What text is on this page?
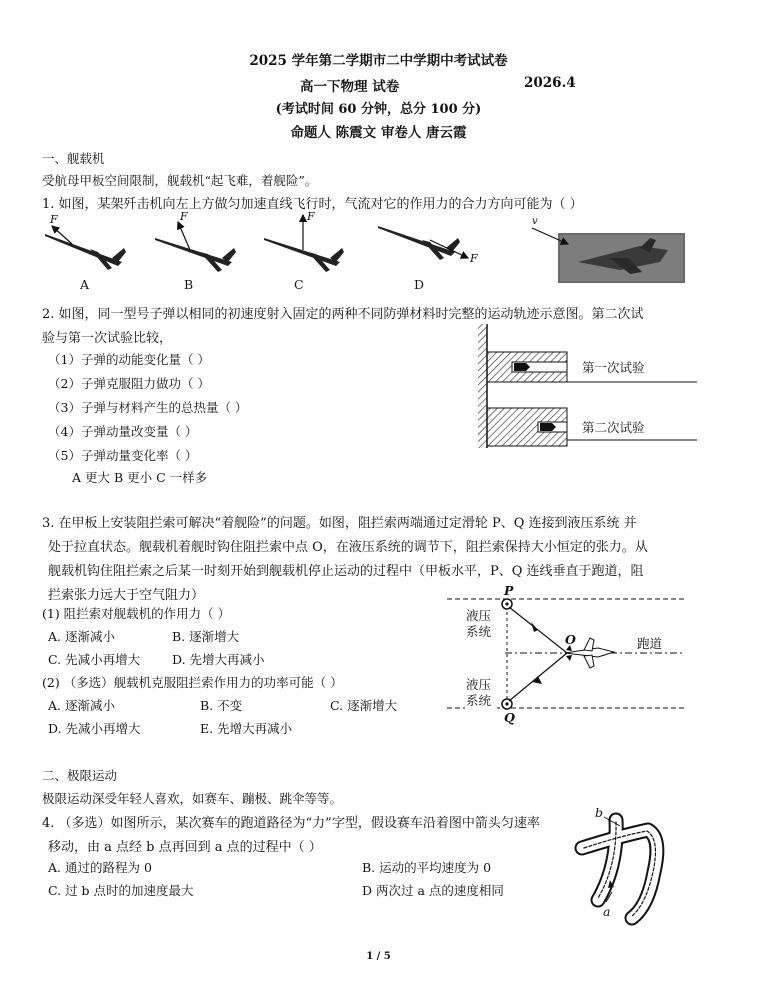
2025 学年第二学期市二中学期中考试试卷
高一下物理 试卷	2026.4
(考试时间 60 分钟，总分 100 分)
命题人 陈震文 审卷人 唐云霞
一、舰载机
受航母甲板空间限制，舰载机“起飞难，着舰险”。
1. 如图，某架歼击机向左上方做匀加速直线飞行时，气流对它的作用力的合力方向可能为（ ）
F	F	F
F
v
A	B	C	D
2. 如图，同一型号子弹以相同的初速度射入固定的两种不同防弹材料时完整的运动轨迹示意图。第二次试
验与第一次试验比较，
（1）子弹的动能变化量（ ）
（2）子弹克服阻力做功（ ）
（3）子弹与材料产生的总热量（ ）
（4）子弹动量改变量（ ）
（5）子弹动量变化率（ ）
A 更大 B 更小 C 一样多
第一次试验
第二次试验
3. 在甲板上安装阻拦索可解决“着舰险”的问题。如图，阻拦索两端通过定滑轮 P、Q 连接到液压系统 并
处于拉直状态。舰载机着舰时钩住阻拦索中点 O，在液压系统的调节下，阻拦索保持大小恒定的张力。从
舰载机钩住阻拦索之后某一时刻开始到舰载机停止运动的过程中（甲板水平，P、Q 连线垂直于跑道，阻
拦索张力远大于空气阻力）
(1) 阻拦索对舰载机的作用力（ ）
A. 逐渐减小	B. 逐渐增大
C. 先减小再增大	D. 先增大再减小
(2) （多选）舰载机克服阻拦索作用力的功率可能（ ）
A. 逐渐减小	B. 不变	C. 逐渐增大
D. 先减小再增大	E. 先增大再减小
P
Q
O
液压
系统
液压
系统
跑道
二、极限运动
极限运动深受年轻人喜欢，如赛车、蹦极、跳伞等等。
4. （多选）如图所示，某次赛车的跑道路径为“力”字型，假设赛车沿着图中箭头匀速率
移动，由 a 点经 b 点再回到 a 点的过程中（ ）
A. 通过的路程为 0	B. 运动的平均速度为 0
C. 过 b 点时的加速度最大	D 两次过 a 点的速度相同
b
a
1 / 5
